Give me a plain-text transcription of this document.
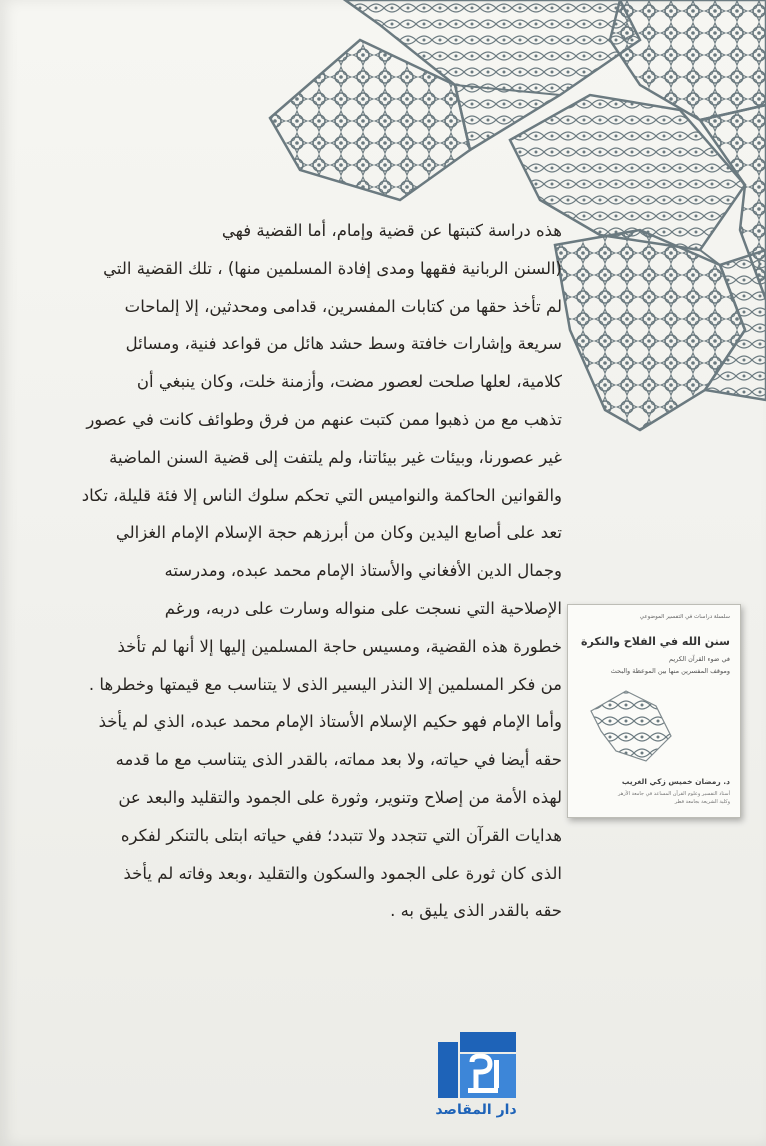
هذه دراسة كتبتها عن قضية وإمام، أما القضية فهي

(السنن الربانية فقهها ومدى إفادة المسلمين منها) ، تلك القضية التي

لم تأخذ حقها من كتابات المفسرين، قدامى ومحدثين، إلا إلماحات

سريعة وإشارات خافتة وسط حشد هائل من قواعد فنية، ومسائل

كلامية، لعلها صلحت لعصور مضت، وأزمنة خلت، وكان ينبغي أن

تذهب مع من ذهبوا ممن كتبت عنهم من فرق وطوائف كانت في عصور

غير عصورنا، وبيئات غير بيئاتنا، ولم يلتفت إلى قضية السنن الماضية

والقوانين الحاكمة والنواميس التي تحكم سلوك الناس إلا فئة قليلة، تكاد

تعد على أصابع اليدين وكان من أبرزهم حجة الإسلام الإمام الغزالي

وجمال الدين الأفغاني والأستاذ الإمام محمد عبده، ومدرسته

الإصلاحية التي نسجت على منواله وسارت على دربه، ورغم

خطورة هذه القضية، ومسيس حاجة المسلمين إليها إلا أنها لم تأخذ

من فكر المسلمين إلا النذر اليسير الذى لا يتناسب مع قيمتها وخطرها .

وأما الإمام فهو حكيم الإسلام الأستاذ الإمام محمد عبده، الذي لم يأخذ

حقه أيضا في حياته، ولا بعد مماته، بالقدر الذى يتناسب مع ما قدمه

لهذه الأمة من إصلاح وتنوير، وثورة على الجمود والتقليد والبعد عن

هدايات القرآن التي تتجدد ولا تتبدد؛ ففي حياته ابتلى بالتنكر لفكره

الذى كان ثورة على الجمود والسكون والتقليد ،وبعد وفاته لم يأخذ

حقه بالقدر الذى يليق به .

سلسلة دراسات في التفسير الموضوعي
سنن الله في الفلاح والنكرة
في ضوء القرآن الكريم
وموقف المفسرين منها بين الموعظة والبحث
د. رمضان خميس زكي الغريب
أستاذ التفسير وعلوم القرآن المساعد في جامعة الأزهر
وكلية الشريعة بجامعة قطر
دار المقاصد
